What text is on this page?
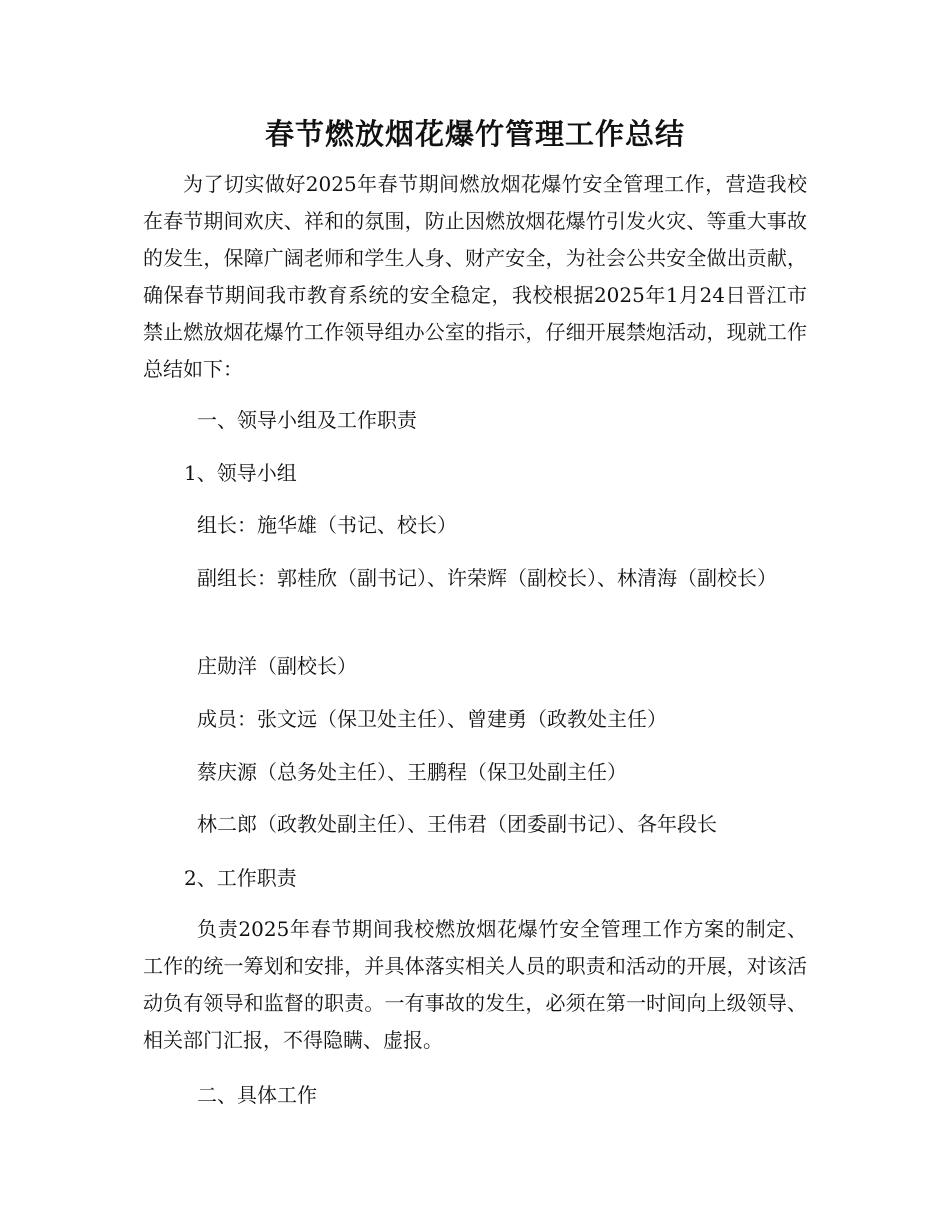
春节燃放烟花爆竹管理工作总结

为了切实做好2025年春节期间燃放烟花爆竹安全管理工作，营造我校在春节期间欢庆、祥和的氛围，防止因燃放烟花爆竹引发火灾、等重大事故的发生，保障广阔老师和学生人身、财产安全，为社会公共安全做出贡献，确保春节期间我市教育系统的安全稳定，我校根据2025年1月24日晋江市禁止燃放烟花爆竹工作领导组办公室的指示，仔细开展禁炮活动，现就工作总结如下：

一、领导小组及工作职责

1、领导小组

组长：施华雄（书记、校长）

副组长：郭桂欣（副书记）、许荣辉（副校长）、林清海（副校长）

庄勋洋（副校长）

成员：张文远（保卫处主任）、曾建勇（政教处主任）

蔡庆源（总务处主任）、王鹏程（保卫处副主任）

林二郎（政教处副主任）、王伟君（团委副书记）、各年段长

2、工作职责

负责2025年春节期间我校燃放烟花爆竹安全管理工作方案的制定、工作的统一筹划和安排，并具体落实相关人员的职责和活动的开展，对该活动负有领导和监督的职责。一有事故的发生，必须在第一时间向上级领导、相关部门汇报，不得隐瞒、虚报。

二、具体工作
